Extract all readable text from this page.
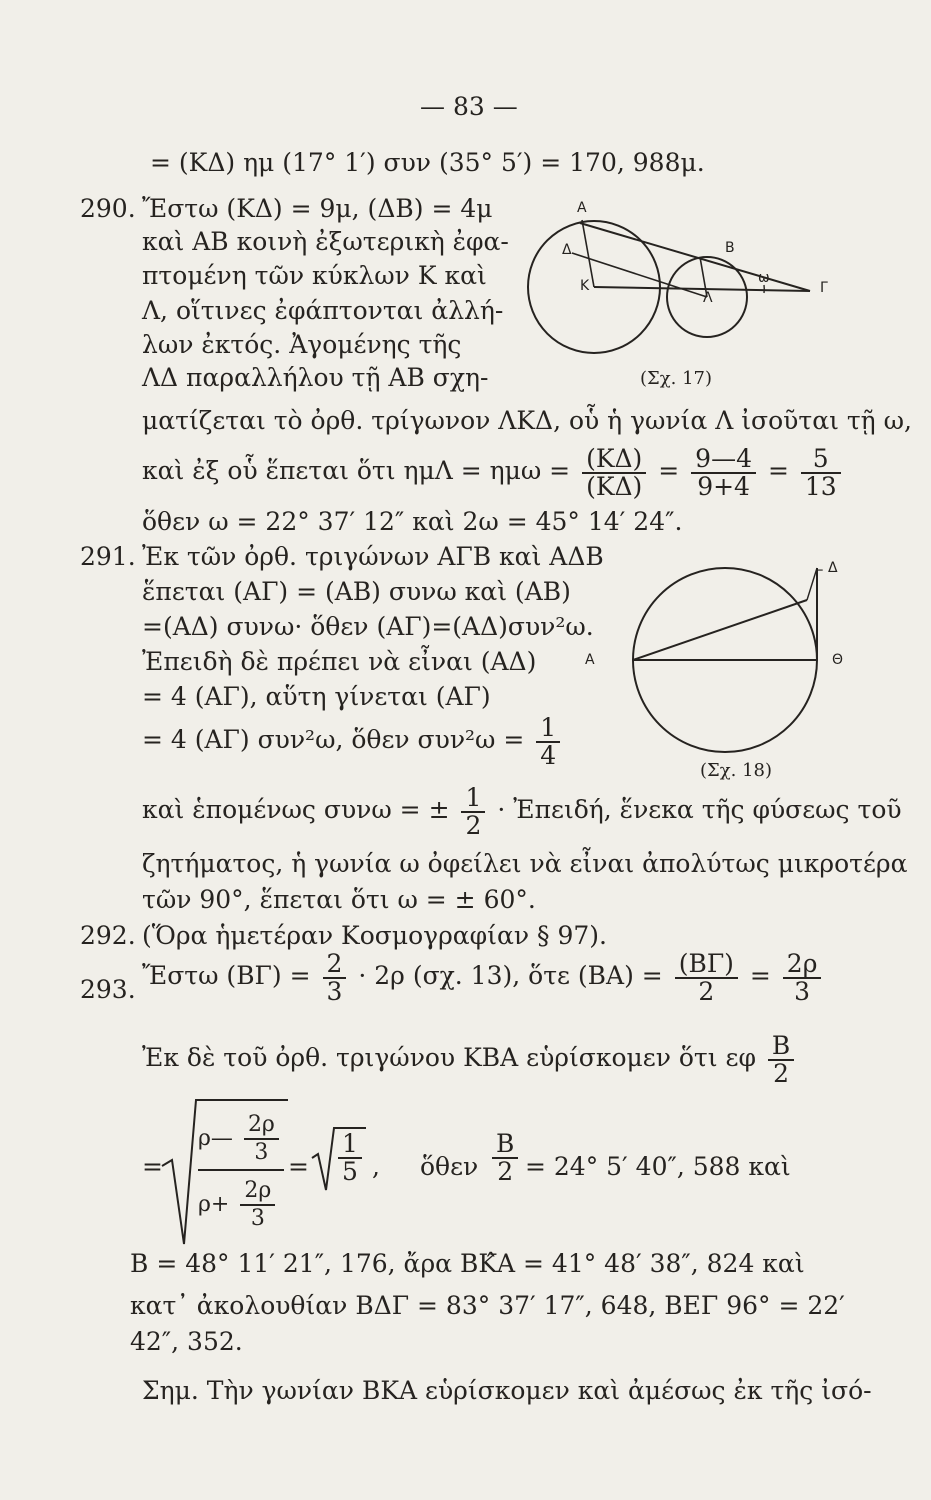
— 83 —
= (ΚΔ) ημ (17° 1′) συν (35° 5′) = 170, 988μ.
290. Ἔστω (ΚΔ) = 9μ, (ΔΒ) = 4μ
καὶ ΑΒ κοινὴ ἐξωτερικὴ ἐφα-
πτομένη τῶν κύκλων Κ καὶ
Λ, οἵτινες ἐφάπτονται ἀλλή-
λων ἐκτός. Ἀγομένης τῆς
ΛΔ παραλλήλου τῇ ΑΒ σχη-
Α
Β
Δ
Κ
Λ
Γ
ω
(Σχ. 17)
ματίζεται τὸ ὀρθ. τρίγωνον ΛΚΔ, οὗ ἡ γωνία Λ ἰσοῦται τῇ ω,
καὶ ἐξ οὗ ἕπεται ὅτι $\eta\mu\Lambda = \eta\mu\omega = \frac{(K\Delta)}{(K\Delta)} = \frac{9—4}{9+4} = \frac{5}{13}$
ὅθεν ω = 22° 37′ 12″ καὶ 2ω = 45° 14′ 24″.
291. Ἐκ τῶν ὀρθ. τριγώνων ΑΓΒ καὶ ΑΔΒ
ἕπεται (ΑΓ) = (ΑΒ) συνω καὶ (ΑΒ)
=(ΑΔ) συνω· ὅθεν (ΑΓ)=(ΑΔ)συν²ω.
Ἐπειδὴ δὲ πρέπει νὰ εἶναι (ΑΔ)
= 4 (ΑΓ), αὕτη γίνεται (ΑΓ)
= 4 (ΑΓ) συν²ω, ὅθεν $\sigma\upsilon\nu^2\omega = \frac{1}{4}$
Α
Γ Δ
Θ
(Σχ. 18)
καὶ ἑπομένως συνω = ± $\frac{1}{2}$ · Ἐπειδή, ἕνεκα τῆς φύσεως τοῦ
ζητήματος, ἡ γωνία ω ὀφείλει νὰ εἶναι ἀπολύτως μικροτέρα
τῶν 90°, ἕπεται ὅτι ω = ± 60°.
292. (Ὅρα ἡμετέραν Κοσμογραφίαν § 97).
293. Ἔστω $(B\Gamma) = \frac{2}{3} \cdot 2\rho$ (σχ. 13), ὅτε $(BA) = \frac{(B\Gamma)}{2} = \frac{2\rho}{3}$
Ἐκ δὲ τοῦ ὀρθ. τριγώνου ΚΒΑ εὑρίσκομεν ὅτι εφ $\frac{B}{2}$
=
ρ— $\frac{2\rho}{3}$
$\rho+ \frac{2\rho}{3}$
= $\frac{1}{5}$ , ὅθεν $\frac{B}{2} = 24^\circ$ 5′ 40″, 588 καὶ
Β = 48° 11′ 21″, 176, ἄρα ΒΚ̂Α = 41° 48′ 38″, 824 καὶ
κατ᾽ ἀκολουθίαν ΒΔΓ = 83° 37′ 17″, 648, ΒΕΓ 96° = 22′
42″, 352.
Σημ. Τὴν γωνίαν ΒΚΑ εὑρίσκομεν καὶ ἀμέσως ἐκ τῆς ἰσό-
